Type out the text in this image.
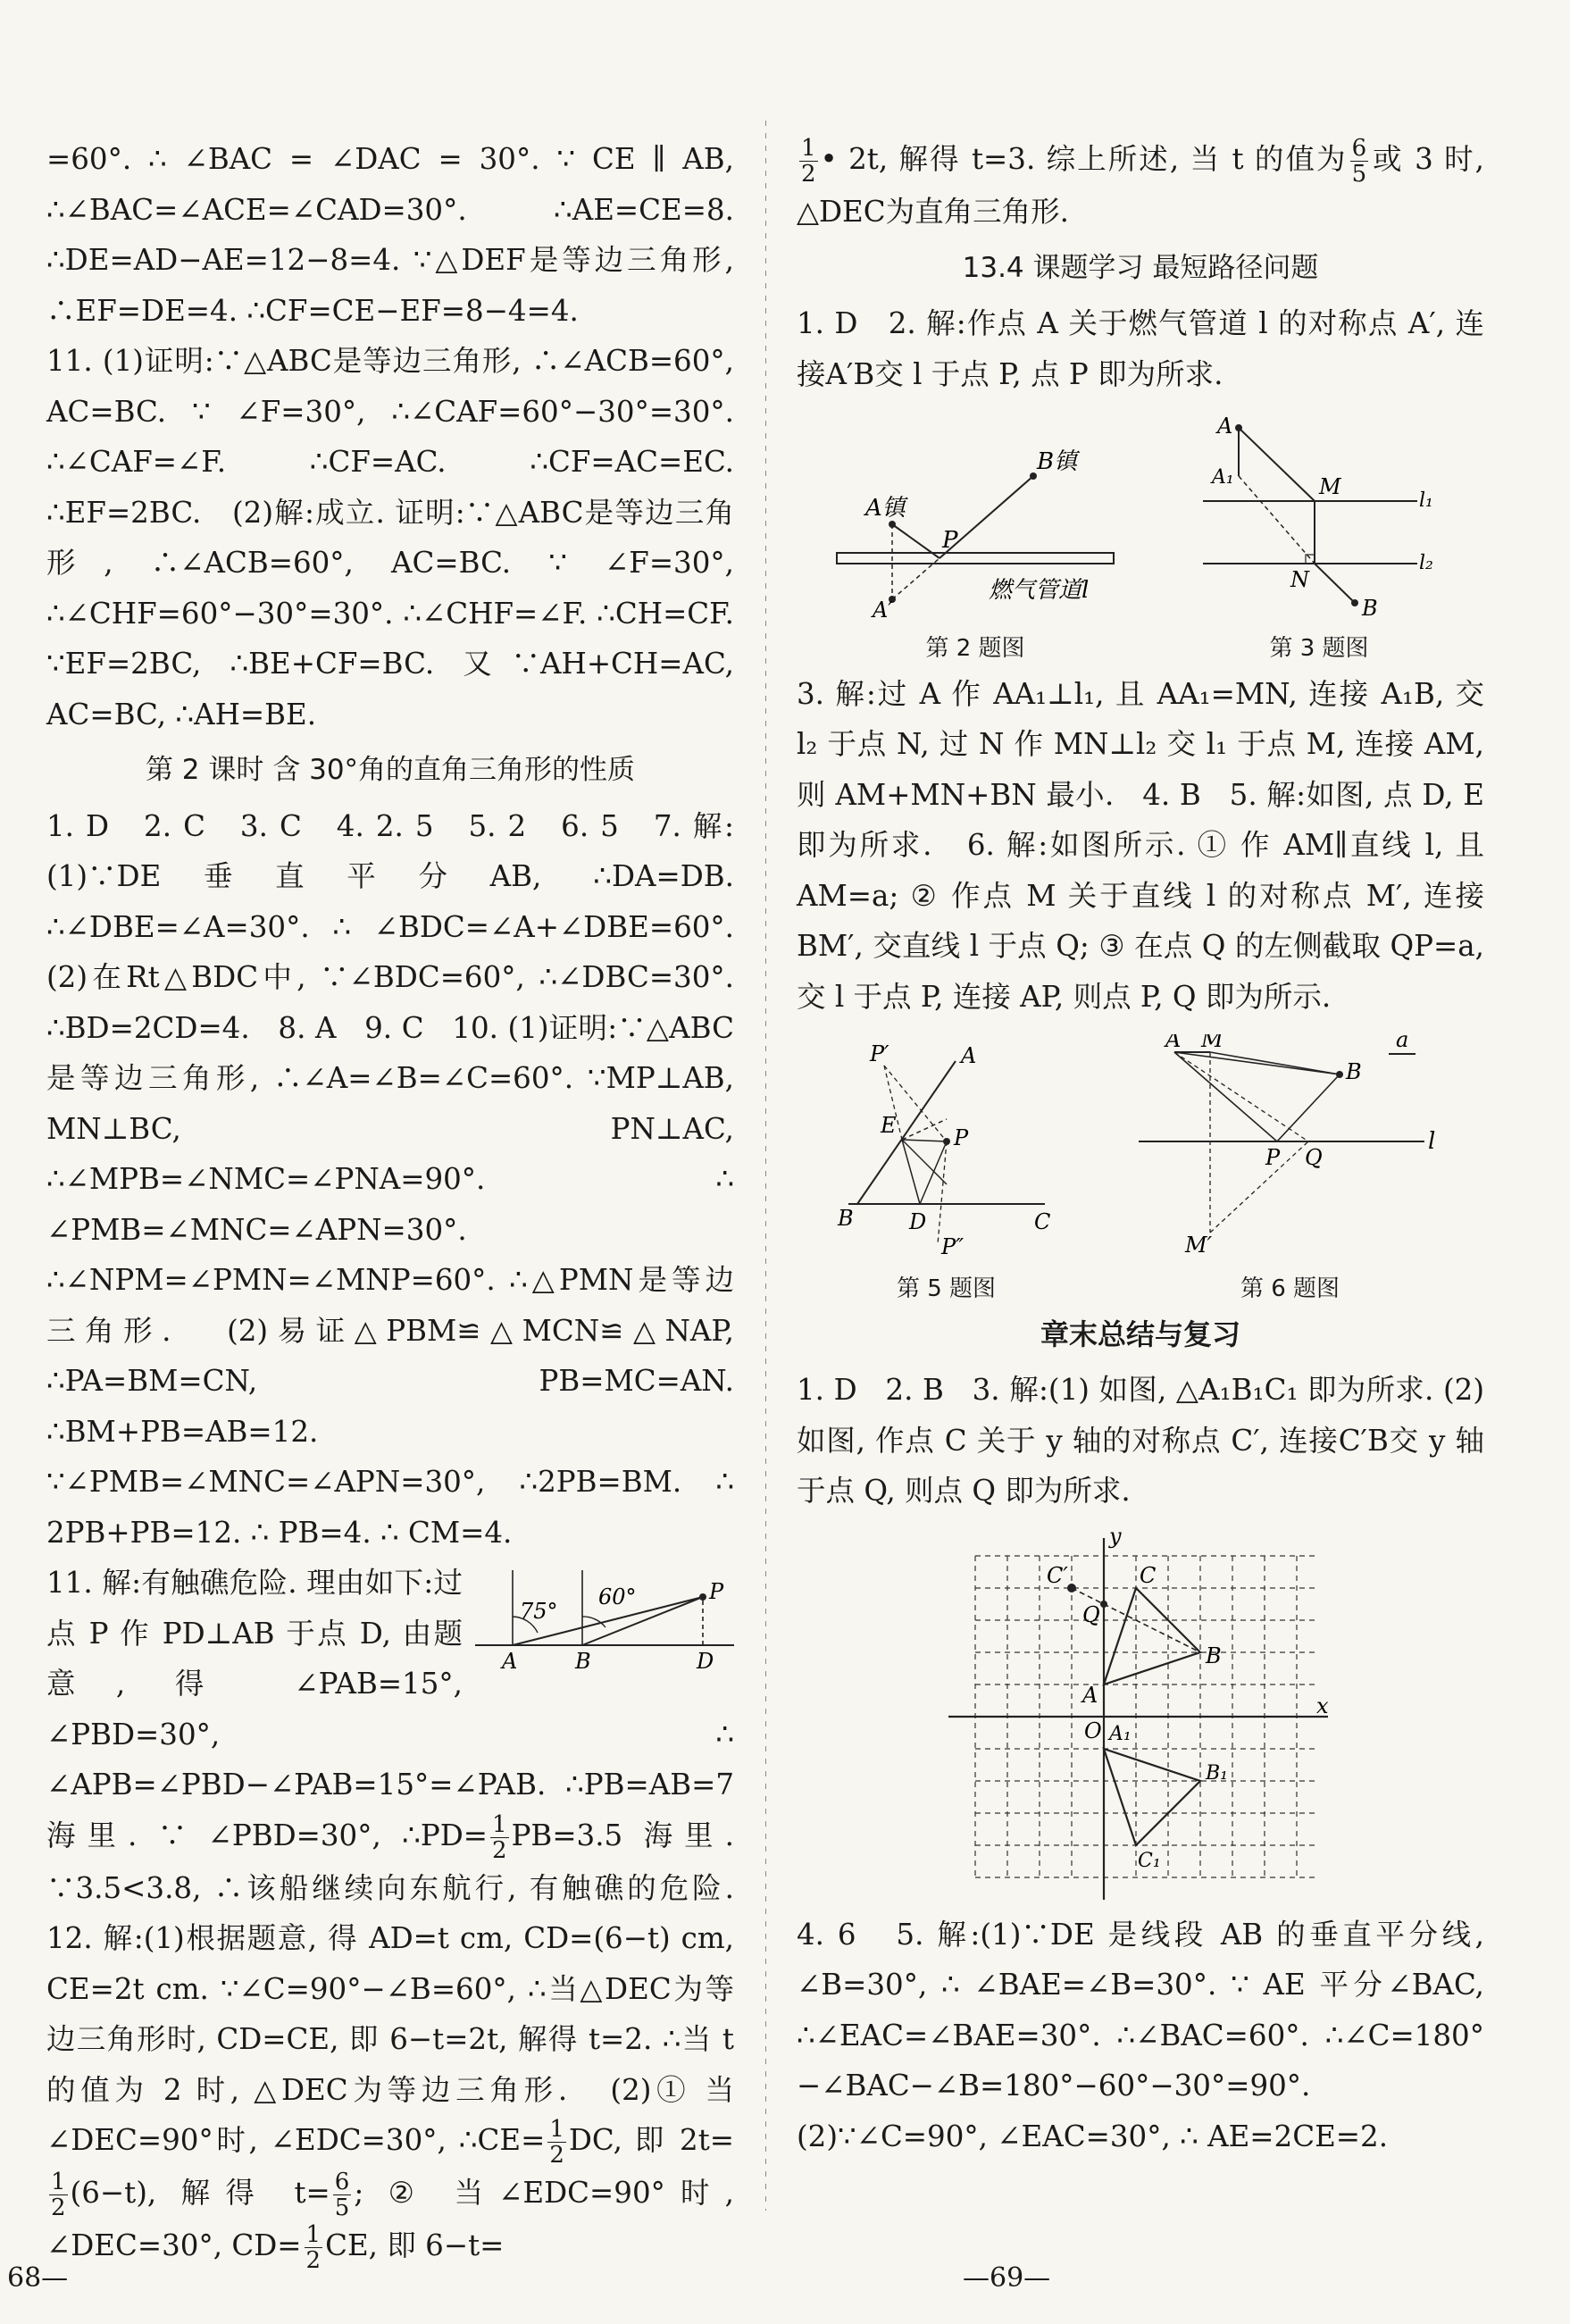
=60°. ∴ ∠BAC = ∠DAC = 30°. ∵ CE ∥ AB, ∴∠BAC=∠ACE=∠CAD=30°. ∴AE=CE=8. ∴DE=AD−AE=12−8=4. ∵△DEF是等边三角形, ∴EF=DE=4. ∴CF=CE−EF=8−4=4.

11. (1)证明:∵△ABC是等边三角形, ∴∠ACB=60°, AC=BC. ∵ ∠F=30°, ∴∠CAF=60°−30°=30°. ∴∠CAF=∠F. ∴CF=AC. ∴CF=AC=EC. ∴EF=2BC.   (2)解:成立. 证明:∵△ABC是等边三角形, ∴∠ACB=60°, AC=BC. ∵ ∠F=30°, ∴∠CHF=60°−30°=30°. ∴∠CHF=∠F. ∴CH=CF. ∵EF=2BC, ∴BE+CF=BC. 又∵AH+CH=AC, AC=BC, ∴AH=BE.

第 2 课时 含 30°角的直角三角形的性质

1. D   2. C   3. C   4. 2. 5   5. 2   6. 5   7. 解: (1)∵DE垂直平分AB, ∴DA=DB. ∴∠DBE=∠A=30°. ∴ ∠BDC=∠A+∠DBE=60°.   (2)在Rt△BDC中, ∵∠BDC=60°, ∴∠DBC=30°. ∴BD=2CD=4.   8. A   9. C   10. (1)证明:∵△ABC是等边三角形, ∴∠A=∠B=∠C=60°. ∵MP⊥AB, MN⊥BC, PN⊥AC, ∴∠MPB=∠NMC=∠PNA=90°. ∴ ∠PMB=∠MNC=∠APN=30°. ∴∠NPM=∠PMN=∠MNP=60°. ∴△PMN是等边三角形.   (2)易证△PBM≌△MCN≌△NAP, ∴PA=BM=CN, PB=MC=AN. ∴BM+PB=AB=12. ∵∠PMB=∠MNC=∠APN=30°, ∴2PB=BM. ∴ 2PB+PB=12. ∴ PB=4. ∴ CM=4.

75°
60°	P
A	B	D

11. 解:有触礁危险. 理由如下:过点 P 作 PD⊥AB 于点 D, 由题意, 得 ∠PAB=15°, ∠PBD=30°, ∴ ∠APB=∠PBD−∠PAB=15°=∠PAB. ∴PB=AB=7 海里. ∵ ∠PBD=30°, ∴PD= $\frac{1}{2} PB=3.5$ 海里. ∵3.5<3.8, ∴该船继续向东航行, 有触礁的危险.   12. 解:(1)根据题意, 得 AD=t cm, CD=(6−t) cm, CE=2t cm. ∵∠C=90°−∠B=60°, ∴当△DEC为等边三角形时, CD=CE, 即 6−t=2t, 解得 t=2. ∴当 t 的值为 2 时, △DEC为等边三角形.   (2)① 当∠DEC=90°时, ∠EDC=30°, ∴CE= $\frac{1}{2}$ DC, 即 2t=
$\frac{1}{2} (6-t)$, 解得 $t= \frac{6}{5}$ ; ② 当∠EDC=90°时, ∠DEC=30°, $CD= \frac{1}{2}$ CE, 即 6−t=

$\frac{1}{2}$ • 2t, 解得 t=3. 综上所述, 当 t 的值为 $\frac{6}{5}$ 或 3 时, △DEC为直角三角形.

13.4 课题学习 最短路径问题

1. D   2. 解:作点 A 关于燃气管道 l 的对称点 A′, 连接A′B交 l 于点 P, 点 P 即为所求.

B镇
A镇
P
燃气管道l
A′
第 2 题图
A
A₁	M
l₁
N
l₂
B
第 3 题图

3. 解:过 A 作 AA₁⊥l₁, 且 AA₁=MN, 连接 A₁B, 交 l₂ 于点 N, 过 N 作 MN⊥l₂ 交 l₁ 于点 M, 连接 AM, 则 AM+MN+BN 最小.   4. B   5. 解:如图, 点 D, E 即为所求.   6. 解:如图所示. ① 作 AM∥直线 l, 且 AM=a; ② 作点 M 关于直线 l 的对称点 M′, 连接 BM′, 交直线 l 于点 Q; ③ 在点 Q 的左侧截取 QP=a, 交 l 于点 P, 连接 AP, 则点 P, Q 即为所示.

P′	A
E	P
B	D	C
P″
第 5 题图
A M	a
B
l
P Q
M′
第 6 题图

章末总结与复习

1. D   2. B   3. 解:(1) 如图, △A₁B₁C₁ 即为所求. (2)如图, 作点 C 关于 y 轴的对称点 C′, 连接C′B交 y 轴于点 Q, 则点 Q 即为所求.

y
C′	C
Q
B
A
O A₁
x
B₁
C₁

4. 6   5. 解:(1)∵DE 是线段 AB 的垂直平分线, ∠B=30°, ∴ ∠BAE=∠B=30°. ∵ AE 平分∠BAC, ∴∠EAC=∠BAE=30°. ∴∠BAC=60°. ∴∠C=180°−∠BAC−∠B=180°−60°−30°=90°. (2)∵∠C=90°, ∠EAC=30°, ∴ AE=2CE=2.

68—	—69—
